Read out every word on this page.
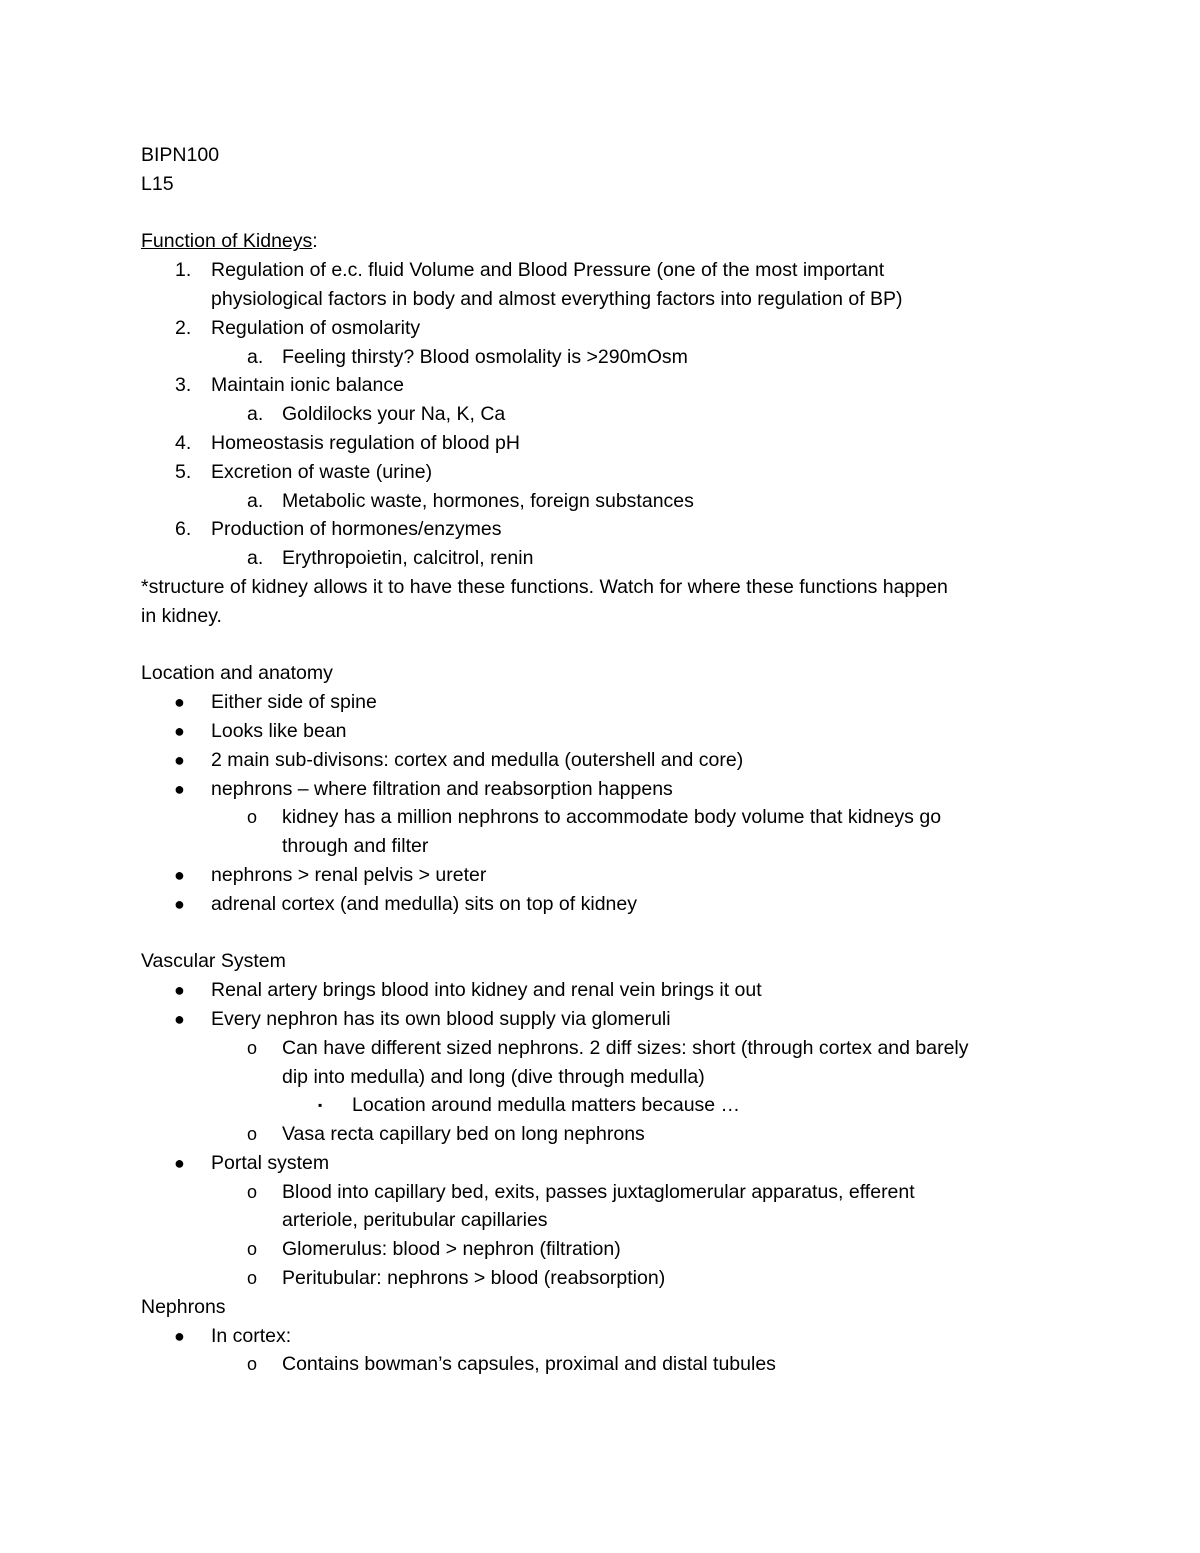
BIPN100
L15
Function of Kidneys:
1. Regulation of e.c. fluid Volume and Blood Pressure (one of the most important
physiological factors in body and almost everything factors into regulation of BP)
2. Regulation of osmolarity
a. Feeling thirsty? Blood osmolality is >290mOsm
3. Maintain ionic balance
a. Goldilocks your Na, K, Ca
4. Homeostasis regulation of blood pH
5. Excretion of waste (urine)
a. Metabolic waste, hormones, foreign substances
6. Production of hormones/enzymes
a. Erythropoietin, calcitrol, renin
*structure of kidney allows it to have these functions. Watch for where these functions happen
in kidney.
Location and anatomy
● Either side of spine
● Looks like bean
● 2 main sub-divisons: cortex and medulla (outershell and core)
● nephrons – where filtration and reabsorption happens
o kidney has a million nephrons to accommodate body volume that kidneys go
through and filter
● nephrons > renal pelvis > ureter
● adrenal cortex (and medulla) sits on top of kidney
Vascular System
● Renal artery brings blood into kidney and renal vein brings it out
● Every nephron has its own blood supply via glomeruli
o Can have different sized nephrons. 2 diff sizes: short (through cortex and barely
dip into medulla) and long (dive through medulla)
▪ Location around medulla matters because …
o Vasa recta capillary bed on long nephrons
● Portal system
o Blood into capillary bed, exits, passes juxtaglomerular apparatus, efferent
arteriole, peritubular capillaries
o Glomerulus: blood > nephron (filtration)
o Peritubular: nephrons > blood (reabsorption)
Nephrons
● In cortex:
o Contains bowman’s capsules, proximal and distal tubules
